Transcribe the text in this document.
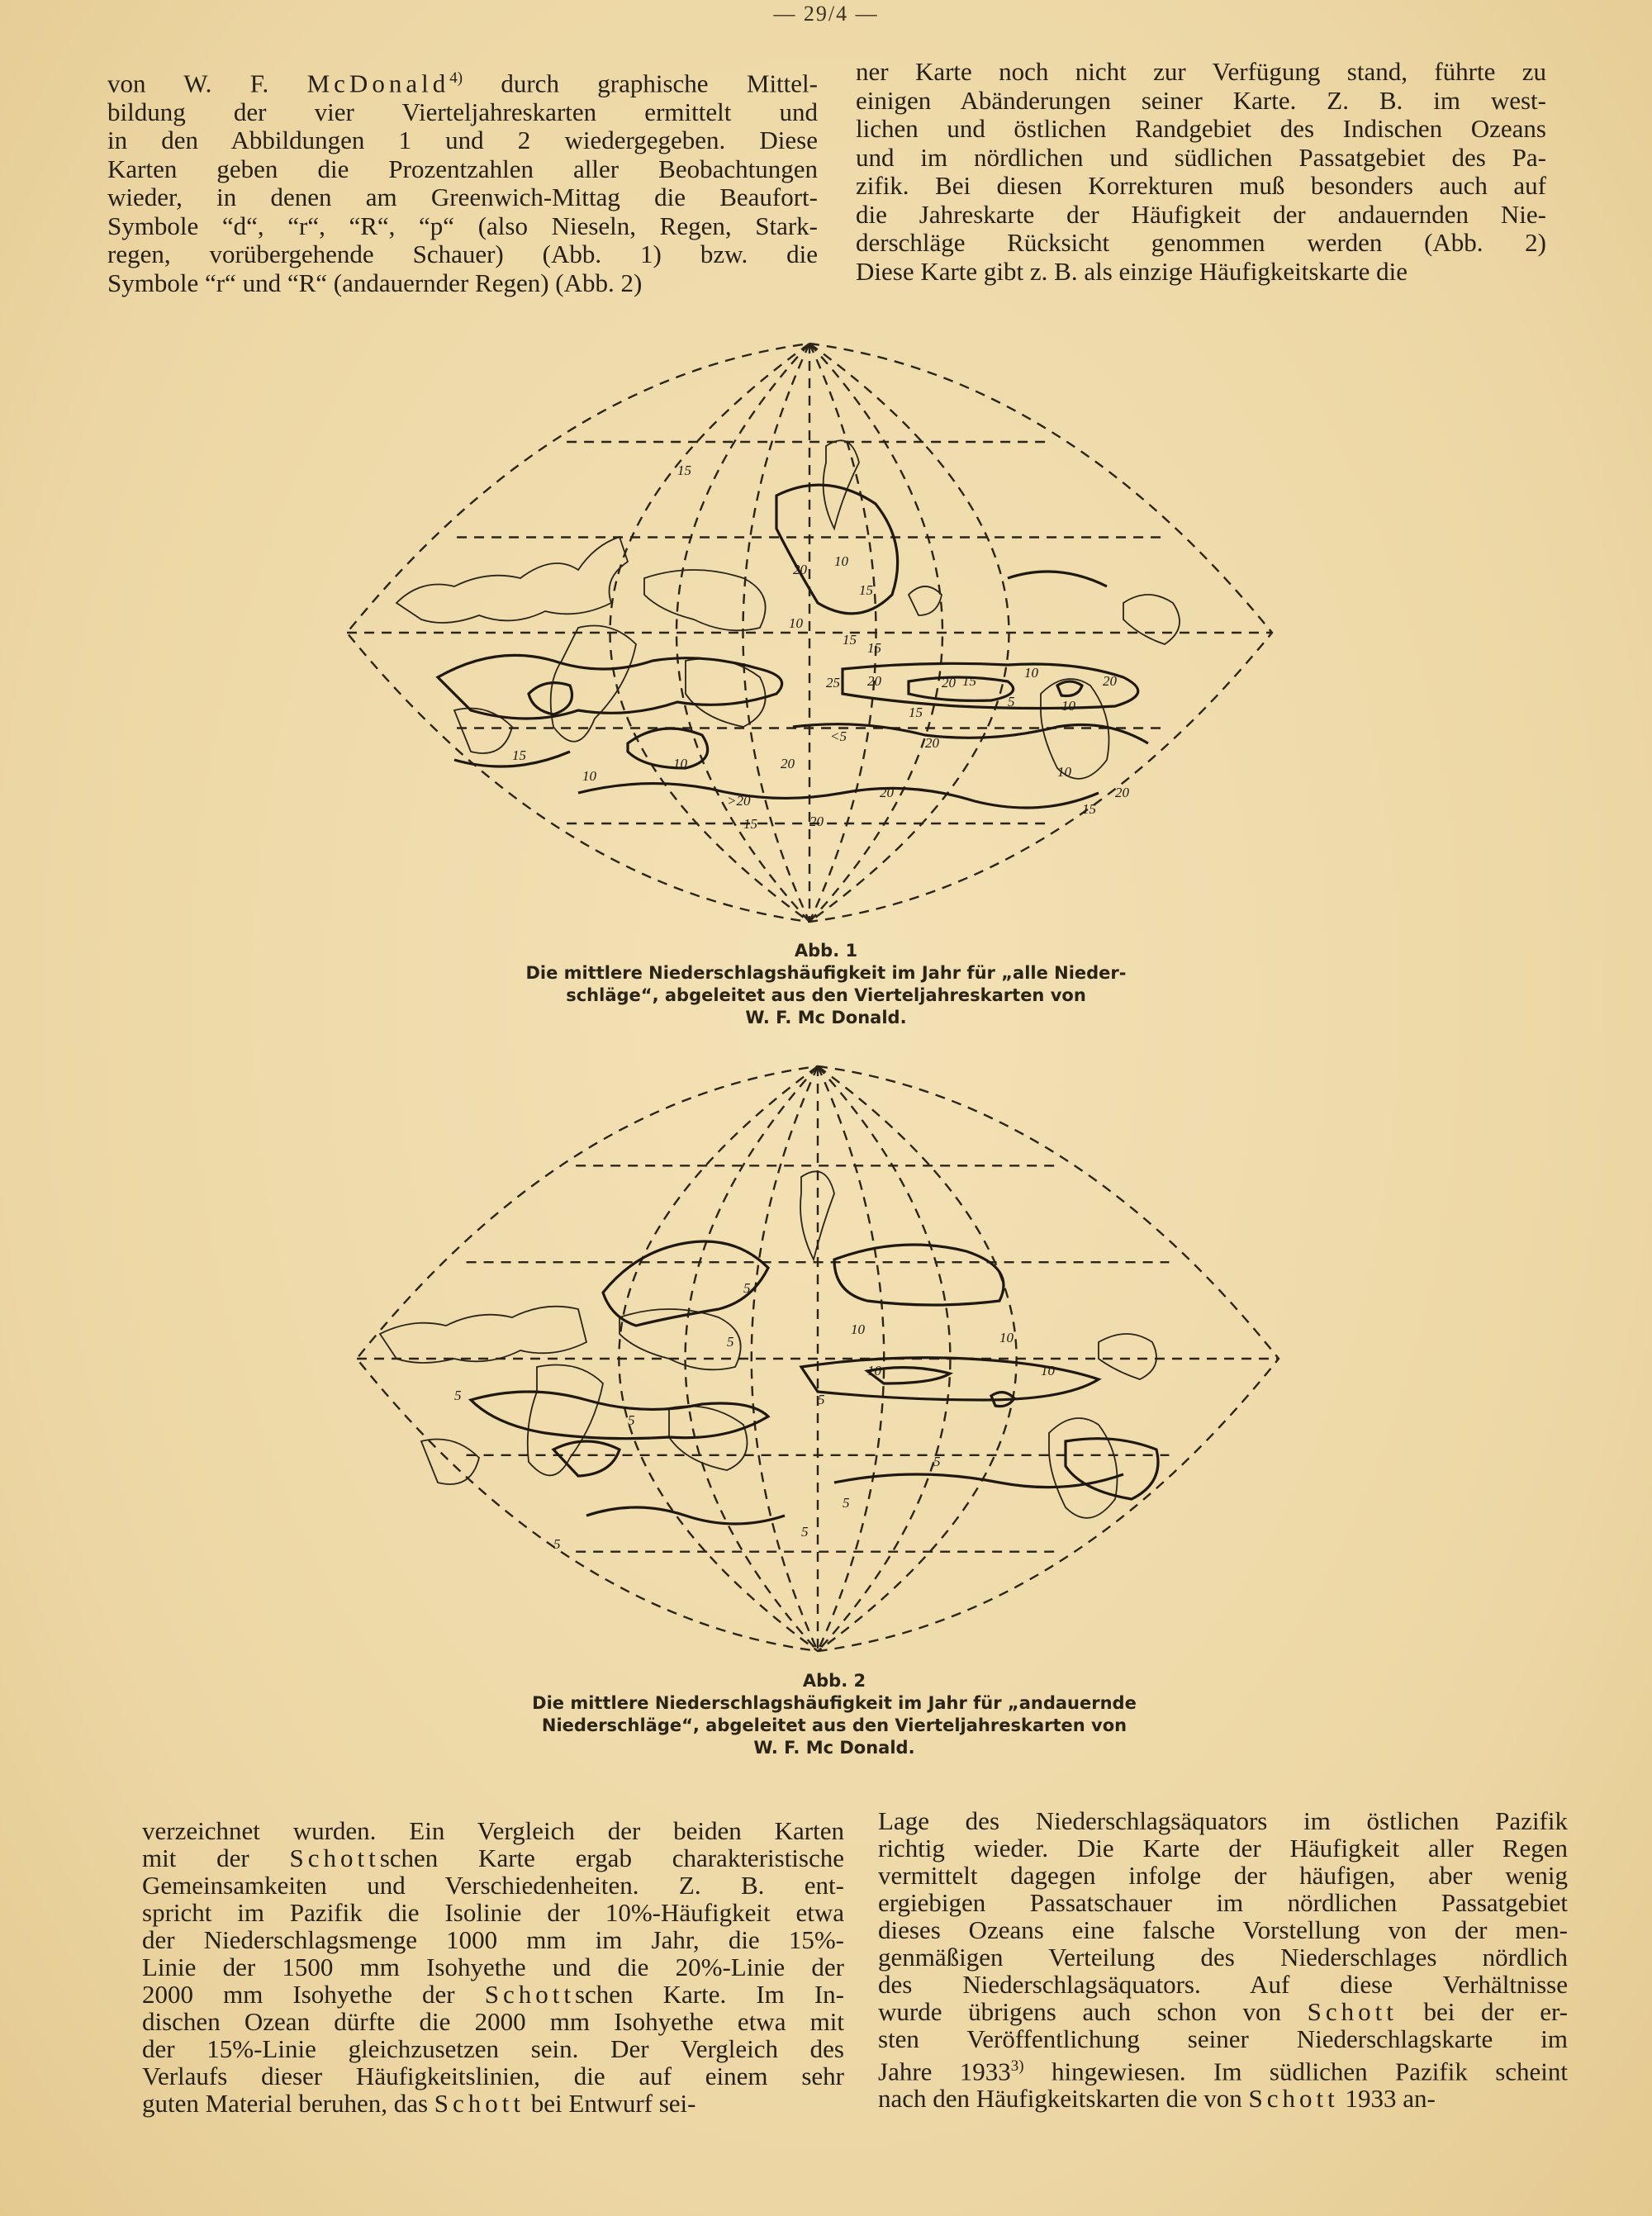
— 29/4 —
von W. F. McDonald$^{4)}$ durch graphische Mittel-
bildung der vier Vierteljahreskarten ermittelt und
in den Abbildungen 1 und 2 wiedergegeben. Diese
Karten geben die Prozentzahlen aller Beobachtungen
wieder, in denen am Greenwich-Mittag die Beaufort-
Symbole “d“, “r“, “R“, “p“ (also Nieseln, Regen, Stark-
regen, vorübergehende Schauer) (Abb. 1) bzw. die
Symbole “r“ und “R“ (andauernder Regen) (Abb. 2)
ner Karte noch nicht zur Verfügung stand, führte zu
einigen Abänderungen seiner Karte. Z. B. im west-
lichen und östlichen Randgebiet des Indischen Ozeans
und im nördlichen und südlichen Passatgebiet des Pa-
zifik. Bei diesen Korrekturen muß besonders auch auf
die Jahreskarte der Häufigkeit der andauernden Nie-
derschläge Rücksicht genommen werden (Abb. 2)
Diese Karte gibt z. B. als einzige Häufigkeitskarte die
15
10
15
20
15
10
15
20
25	20
10
15	20
10
5
15
20
<5
20
10
15
10
20
>20
15
20	20
15
10
Abb. 1
Die mittlere Niederschlagshäufigkeit im Jahr für „alle Nieder-
schläge“, abgeleitet aus den Vierteljahreskarten von
W. F. Mc Donald.
5
5
10
5
10
5
5
5
10
5
10
5
5
Abb. 2
Die mittlere Niederschlagshäufigkeit im Jahr für „andauernde
Niederschläge“, abgeleitet aus den Vierteljahreskarten von
W. F. Mc Donald.
verzeichnet wurden. Ein Vergleich der beiden Karten
mit der Schottschen Karte ergab charakteristische
Gemeinsamkeiten und Verschiedenheiten. Z. B. ent-
spricht im Pazifik die Isolinie der 10%-Häufigkeit etwa
der Niederschlagsmenge 1000 mm im Jahr, die 15%-
Linie der 1500 mm Isohyethe und die 20%-Linie der
2000 mm Isohyethe der Schottschen Karte. Im In-
dischen Ozean dürfte die 2000 mm Isohyethe etwa mit
der 15%-Linie gleichzusetzen sein. Der Vergleich des
Verlaufs dieser Häufigkeitslinien, die auf einem sehr
guten Material beruhen, das Schott bei Entwurf sei-
Lage des Niederschlagsäquators im östlichen Pazifik
richtig wieder. Die Karte der Häufigkeit aller Regen
vermittelt dagegen infolge der häufigen, aber wenig
ergiebigen Passatschauer im nördlichen Passatgebiet
dieses Ozeans eine falsche Vorstellung von der men-
genmäßigen Verteilung des Niederschlages nördlich
des Niederschlagsäquators. Auf diese Verhältnisse
wurde übrigens auch schon von Schott bei der er-
sten Veröffentlichung seiner Niederschlagskarte im
Jahre 1933$^{3)}$ hingewiesen. Im südlichen Pazifik scheint
nach den Häufigkeitskarten die von Schott 1933 an-
